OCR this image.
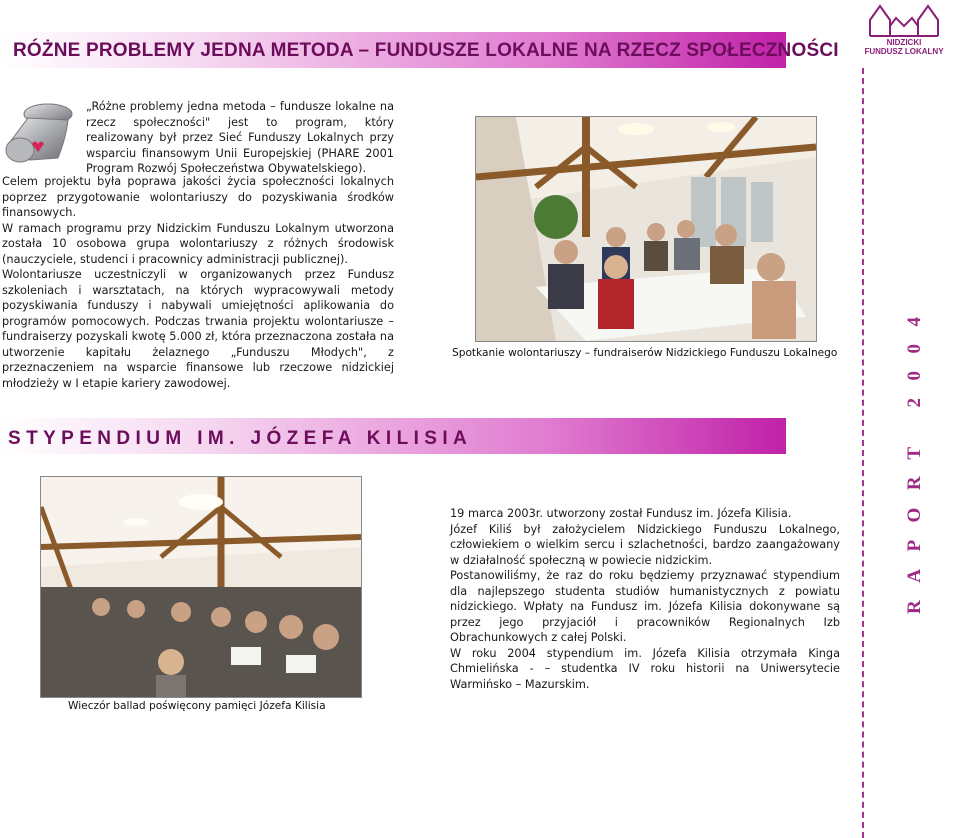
RÓŻNE PROBLEMY JEDNA METODA – FUNDUSZE LOKALNE NA RZECZ SPOŁECZNOŚCI	NIDZICKI
FUNDUSZ LOKALNY
RAPORT 2004
„Różne problemy jedna metoda – fundusze lokalne na rzecz społeczności" jest to program, który realizowany był przez Sieć Funduszy Lokalnych przy wsparciu finansowym Unii Europejskiej (PHARE 2001 Program Rozwój Społeczeństwa Obywatelskiego).

Celem projektu była poprawa jakości życia społeczności lokalnych poprzez przygotowanie wolontariuszy do pozyskiwania środków finansowych.

W ramach programu przy Nidzickim Funduszu Lokalnym utworzona została 10 osobowa grupa wolontariuszy z różnych środowisk (nauczyciele, studenci i pracownicy administracji publicznej).

Wolontariusze uczestniczyli w organizowanych przez Fundusz szkoleniach i warsztatach, na których wypracowywali metody pozyskiwania funduszy i nabywali umiejętności aplikowania do programów pomocowych. Podczas trwania projektu wolontariusze – fundraiserzy pozyskali kwotę 5.000 zł, która przeznaczona została na utworzenie kapitału żelaznego „Funduszu Młodych", z przeznaczeniem na wsparcie finansowe lub rzeczowe nidzickiej młodzieży w I etapie kariery zawodowej.

Spotkanie wolontariuszy – fundraiserów Nidzickiego Funduszu Lokalnego
STYPENDIUM IM. JÓZEFA KILISIA
Wieczór ballad poświęcony pamięci Józefa Kilisia

19 marca 2003r. utworzony został Fundusz im. Józefa Kilisia.

Józef Kiliś był założycielem Nidzickiego Funduszu Lokalnego, człowiekiem o wielkim sercu i szlachetności, bardzo zaangażowany w działalność społeczną w powiecie nidzickim.

Postanowiliśmy, że raz do roku będziemy przyznawać stypendium dla najlepszego studenta studiów humanistycznych z powiatu nidzickiego. Wpłaty na Fundusz im. Józefa Kilisia dokonywane są przez jego przyjaciół i pracowników Regionalnych Izb Obrachunkowych z całej Polski.

W roku 2004 stypendium im. Józefa Kilisia otrzymała Kinga Chmielińska - – studentka IV roku historii na Uniwersytecie Warmińsko – Mazurskim.
